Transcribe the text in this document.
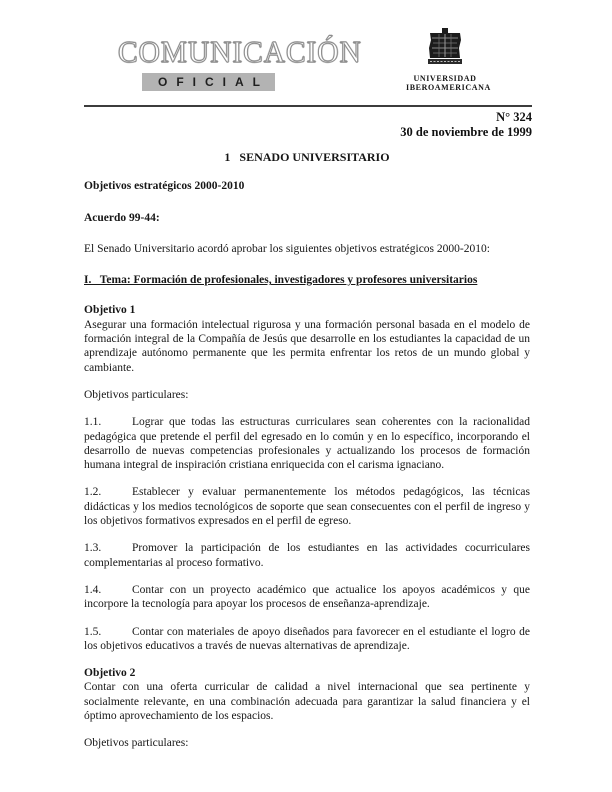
COMUNICACIÓN
OFICIAL	UNIVERSIDAD
IBEROAMERICANA
N° 324
30 de noviembre de 1999
1   SENADO UNIVERSITARIO
Objetivos estratégicos 2000-2010
Acuerdo 99-44:
El Senado Universitario acordó aprobar los siguientes objetivos estratégicos 2000-2010:
I.   Tema: Formación de profesionales, investigadores y profesores universitarios
Objetivo 1
Asegurar una formación intelectual rigurosa y una formación personal basada en el modelo de formación integral de la Compañía de Jesús que desarrolle en los estudiantes la capacidad de un aprendizaje autónomo permanente que les permita enfrentar los retos de un mundo global y cambiante.
Objetivos particulares:
1.1.	Lograr que todas las estructuras curriculares sean coherentes con la racionalidad pedagógica que pretende el perfil del egresado en lo común y en lo específico, incorporando el desarrollo de nuevas competencias profesionales y actualizando los procesos de formación humana integral de inspiración cristiana enriquecida con el carisma ignaciano.
1.2.	Establecer y evaluar permanentemente los métodos pedagógicos, las técnicas didácticas y los medios tecnológicos de soporte que sean consecuentes con el perfil de ingreso y los objetivos formativos expresados en el perfil de egreso.
1.3.	Promover la participación de los estudiantes en las actividades cocurriculares complementarias al proceso formativo.
1.4.	Contar con un proyecto académico que actualice los apoyos académicos y que incorpore la tecnología para apoyar los procesos de enseñanza-aprendizaje.
1.5.	Contar con materiales de apoyo diseñados para favorecer en el estudiante el logro de los objetivos educativos a través de nuevas alternativas de aprendizaje.
Objetivo 2
Contar con una oferta curricular de calidad a nivel internacional que sea pertinente y socialmente relevante, en una combinación adecuada para garantizar la salud financiera y el óptimo aprovechamiento de los espacios.
Objetivos particulares:
